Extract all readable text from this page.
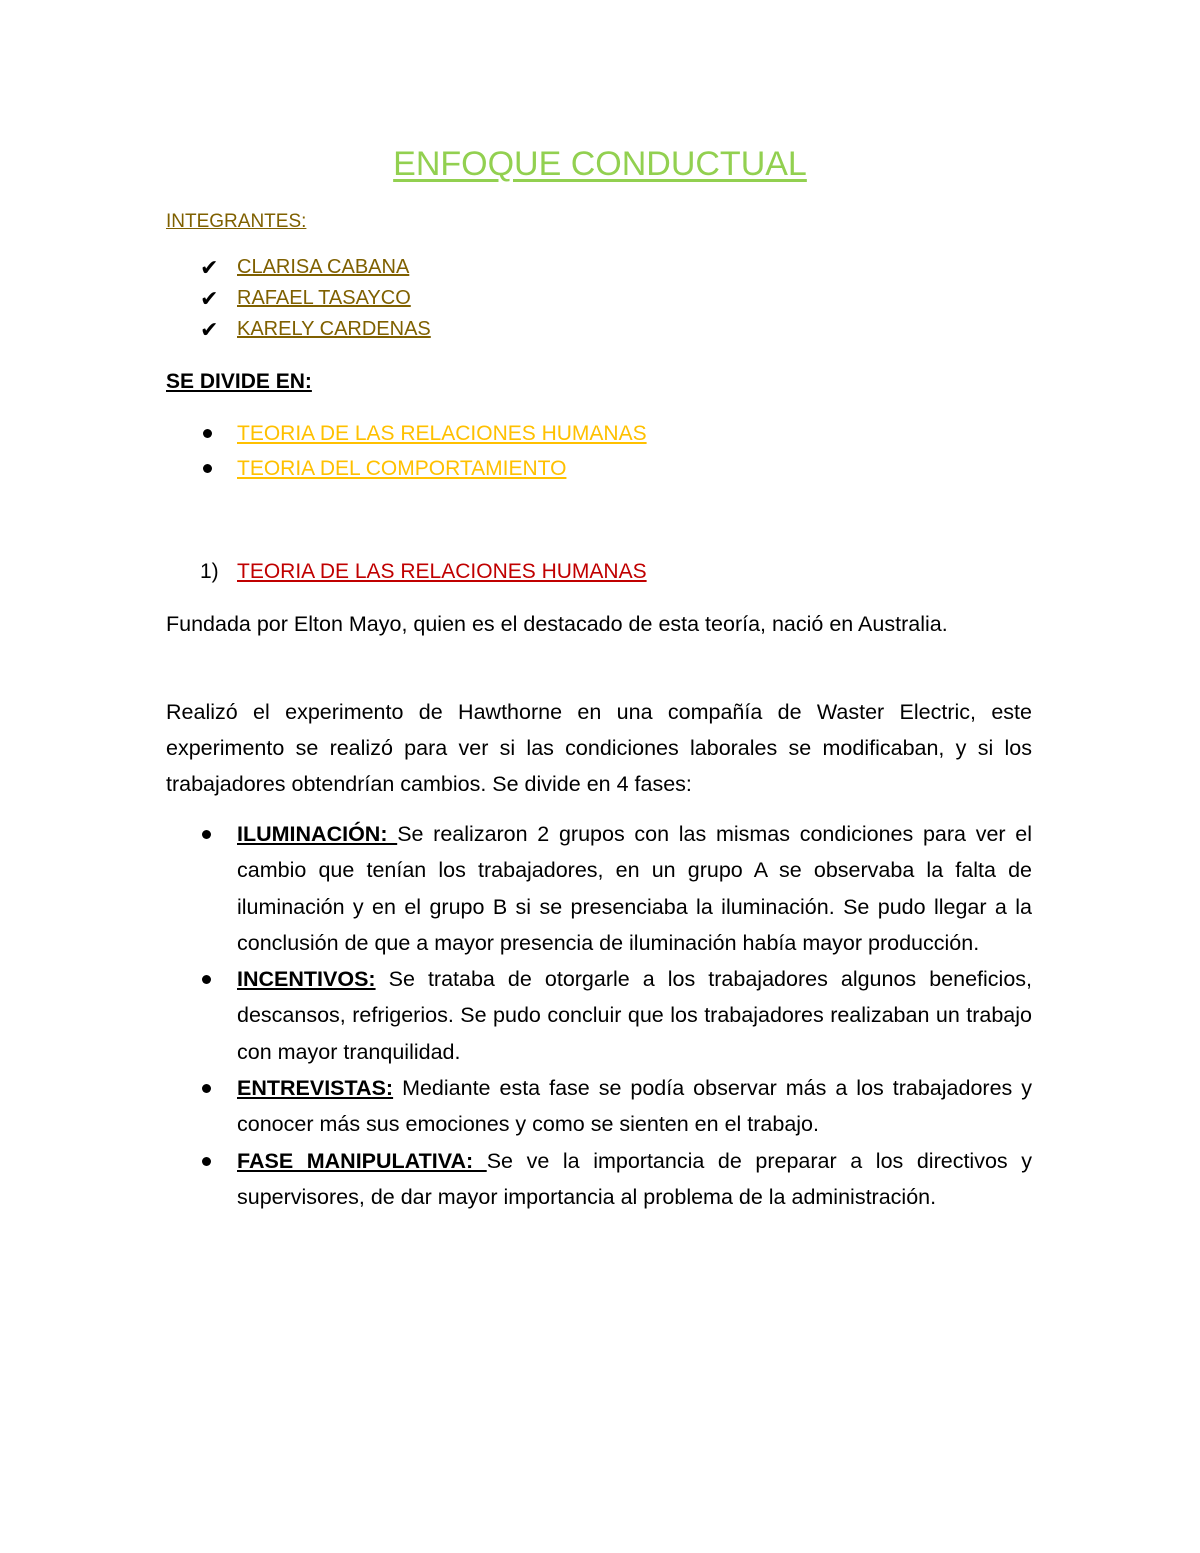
ENFOQUE CONDUCTUAL
INTEGRANTES:
✔ CLARISA CABANA
✔ RAFAEL TASAYCO
✔ KARELY CARDENAS
SE DIVIDE EN:
TEORIA DE LAS RELACIONES HUMANAS
TEORIA DEL COMPORTAMIENTO
1) TEORIA DE LAS RELACIONES HUMANAS

Fundada por Elton Mayo, quien es el destacado de esta teoría, nació en Australia.

Realizó el experimento de Hawthorne en una compañía de Waster Electric, este experimento se realizó para ver si las condiciones laborales se modificaban, y si los trabajadores obtendrían cambios. Se divide en 4 fases:

ILUMINACIÓN: Se realizaron 2 grupos con las mismas condiciones para ver el cambio que tenían los trabajadores, en un grupo A se observaba la falta de iluminación y en el grupo B si se presenciaba la iluminación. Se pudo llegar a la conclusión de que a mayor presencia de iluminación había mayor producción.
INCENTIVOS: Se trataba de otorgarle a los trabajadores algunos beneficios, descansos, refrigerios. Se pudo concluir que los trabajadores realizaban un trabajo con mayor tranquilidad.
ENTREVISTAS: Mediante esta fase se podía observar más a los trabajadores y conocer más sus emociones y como se sienten en el trabajo.
FASE MANIPULATIVA: Se ve la importancia de preparar a los directivos y supervisores, de dar mayor importancia al problema de la administración.
